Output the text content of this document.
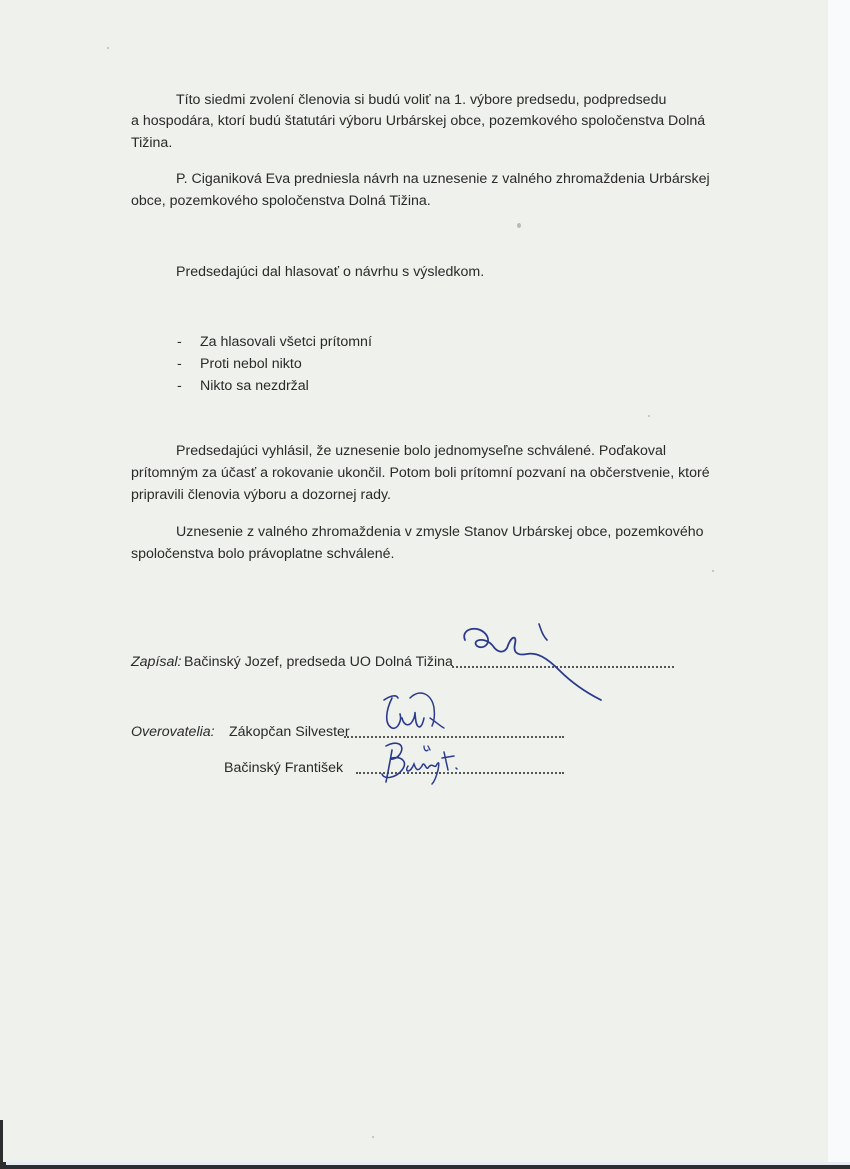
Títo siedmi zvolení členovia si budú voliť na 1. výbore predsedu, podpredsedu
a hospodára, ktorí budú štatutári výboru Urbárskej obce, pozemkového spoločenstva Dolná
Tižina.
P. Ciganiková Eva predniesla návrh na uznesenie z valného zhromaždenia Urbárskej
obce, pozemkového spoločenstva Dolná Tižina.
Predsedajúci dal hlasovať o návrhu s výsledkom.
- Za hlasovali všetci prítomní
- Proti nebol nikto
- Nikto sa nezdržal
Predsedajúci vyhlásil, že uznesenie bolo jednomyseľne schválené. Poďakoval
prítomným za účasť a rokovanie ukončil. Potom boli prítomní pozvaní na občerstvenie, ktoré
pripravili členovia výboru a dozornej rady.
Uznesenie z valného zhromaždenia v zmysle Stanov Urbárskej obce, pozemkového
spoločenstva bolo právoplatne schválené.
Zapísal: Bačinský Jozef, predseda UO Dolná Tižina
Overovatelia: Zákopčan Silvester
Bačinský František
